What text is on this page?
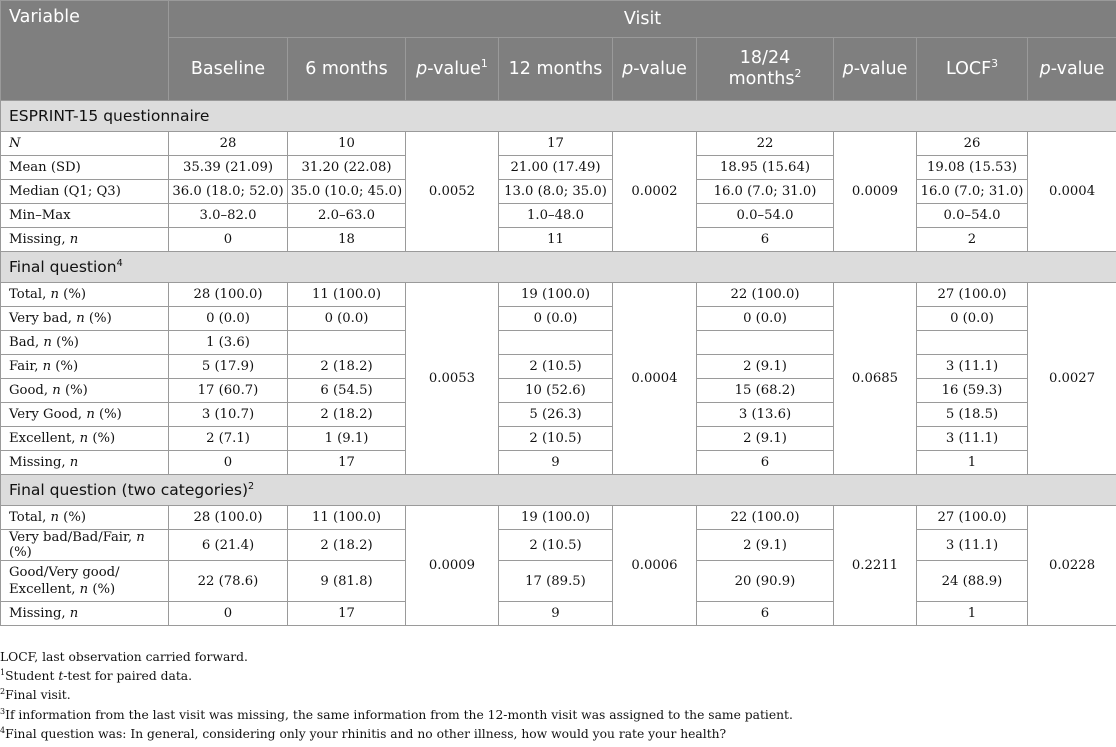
Variable	Visit								
	Baseline	6 months	p-value$^1$	12 months	p-value	18/24
months$^2$	p-value	LOCF$^3$	p-value
ESPRINT-15 questionnaire									
N	28	10	0.0052	17	0.0002	22	0.0009	26	0.0004
Mean (SD)	35.39 (21.09)	31.20 (22.08)		21.00 (17.49)		18.95 (15.64)		19.08 (15.53)	
Median (Q1; Q3)	36.0 (18.0; 52.0)	35.0 (10.0; 45.0)		13.0 (8.0; 35.0)		16.0 (7.0; 31.0)		16.0 (7.0; 31.0)	
Min–Max	3.0–82.0	2.0–63.0		1.0–48.0		0.0–54.0		0.0–54.0	
Missing, n	0	18		11		6		2	
Final question$^4$
Total, n (%)	28 (100.0)	11 (100.0)	0.0053	19 (100.0)	0.0004	22 (100.0)	0.0685	27 (100.0)	0.0027
Very bad, n (%)	0 (0.0)	0 (0.0)		0 (0.0)		0 (0.0)		0 (0.0)	
Bad, n (%)	1 (3.6)								
Fair, n (%)	5 (17.9)	2 (18.2)		2 (10.5)		2 (9.1)		3 (11.1)	
Good, n (%)	17 (60.7)	6 (54.5)		10 (52.6)		15 (68.2)		16 (59.3)	
Very Good, n (%)	3 (10.7)	2 (18.2)		5 (26.3)		3 (13.6)		5 (18.5)	
Excellent, n (%)	2 (7.1)	1 (9.1)		2 (10.5)		2 (9.1)		3 (11.1)	
Missing, n	0	17		9		6		1	
Final question (two categories)$^2$
Total, n (%)	28 (100.0)	11 (100.0)	0.0009	19 (100.0)	0.0006	22 (100.0)	0.2211	27 (100.0)	0.0228
Very bad/Bad/Fair, n (%)	6 (21.4)	2 (18.2)		2 (10.5)		2 (9.1)		3 (11.1)	
Good/Very good/
Excellent, n (%)	22 (78.6)	9 (81.8)		17 (89.5)		20 (90.9)		24 (88.9)	
Missing, n	0	17		9		6		1	
LOCF, last observation carried forward.
$^1$Student t-test for paired data.
$^2$Final visit.
$^3$If information from the last visit was missing, the same information from the 12-month visit was assigned to the same patient.
$^4$Final question was: In general, considering only your rhinitis and no other illness, how would you rate your health?
